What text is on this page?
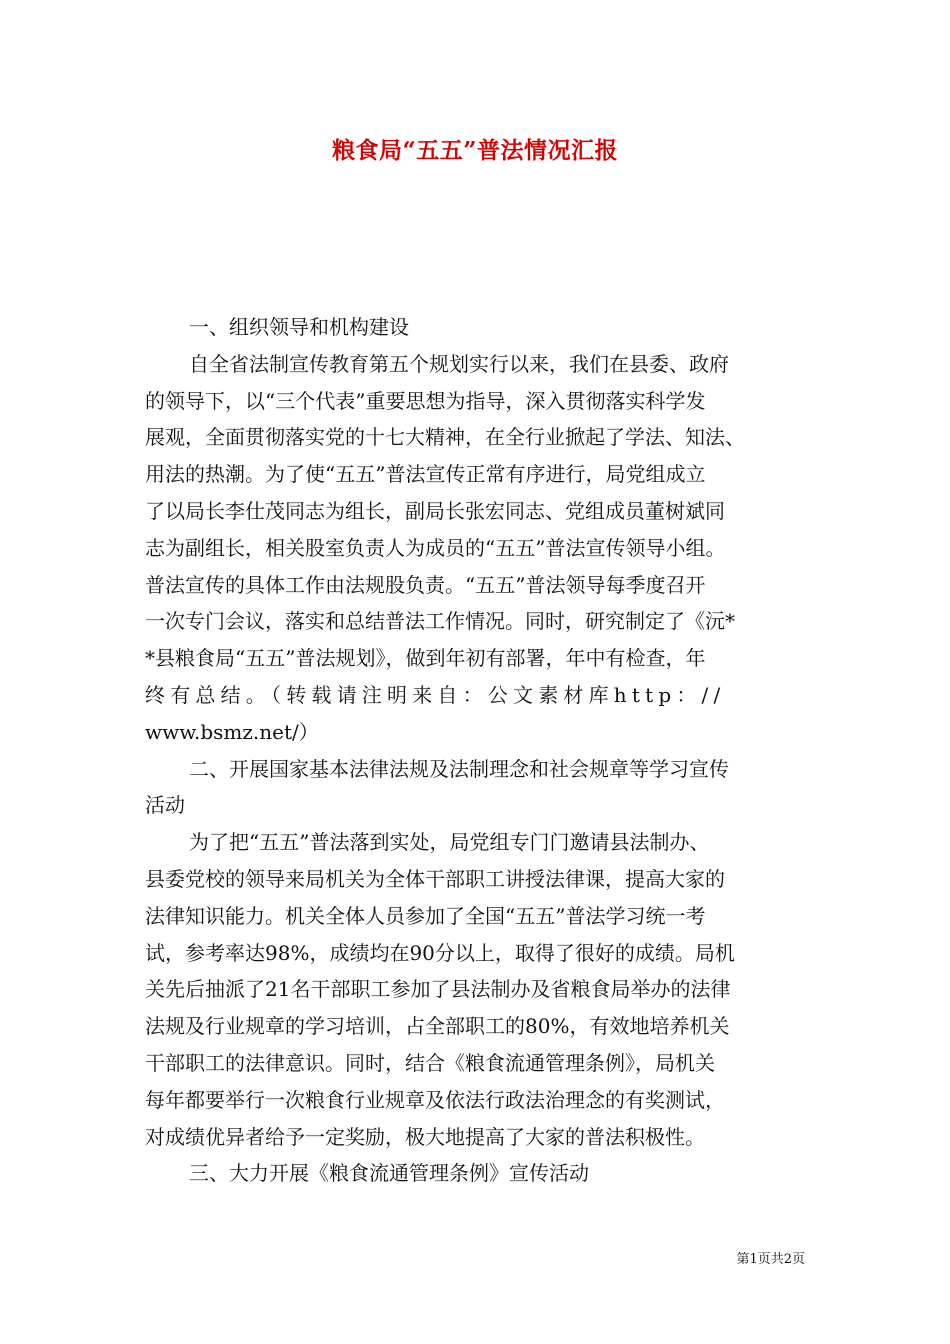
粮食局“五五”普法情况汇报
一、组织领导和机构建设
自全省法制宣传教育第五个规划实行以来，我们在县委、政府
的领导下，以“三个代表”重要思想为指导，深入贯彻落实科学发
展观，全面贯彻落实党的十七大精神，在全行业掀起了学法、知法、
用法的热潮。为了使“五五”普法宣传正常有序进行，局党组成立
了以局长李仕茂同志为组长，副局长张宏同志、党组成员董树斌同
志为副组长，相关股室负责人为成员的“五五”普法宣传领导小组。
普法宣传的具体工作由法规股负责。“五五”普法领导每季度召开
一次专门会议，落实和总结普法工作情况。同时，研究制定了《沅*
*县粮食局“五五”普法规划》，做到年初有部署，年中有检查，年
终有总结。（转载请注明来自：公文素材库http：//
www.bsmz.net/）
二、开展国家基本法律法规及法制理念和社会规章等学习宣传
活动
为了把“五五”普法落到实处，局党组专门门邀请县法制办、
县委党校的领导来局机关为全体干部职工讲授法律课，提高大家的
法律知识能力。机关全体人员参加了全国“五五”普法学习统一考
试，参考率达98%，成绩均在90分以上，取得了很好的成绩。局机
关先后抽派了21名干部职工参加了县法制办及省粮食局举办的法律
法规及行业规章的学习培训，占全部职工的80%，有效地培养机关
干部职工的法律意识。同时，结合《粮食流通管理条例》，局机关
每年都要举行一次粮食行业规章及依法行政法治理念的有奖测试，
对成绩优异者给予一定奖励，极大地提高了大家的普法积极性。
三、大力开展《粮食流通管理条例》宣传活动
第1页共2页
